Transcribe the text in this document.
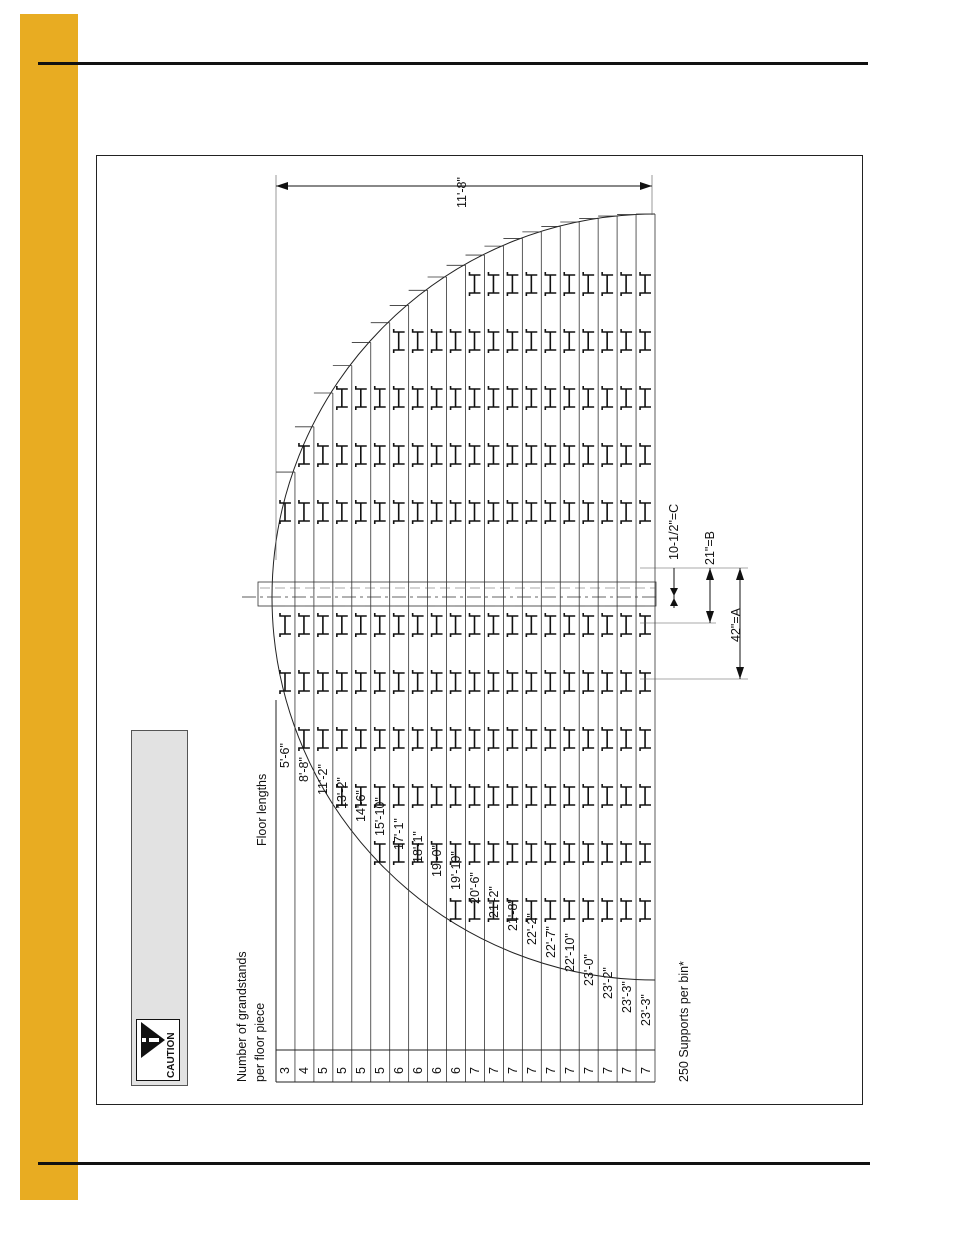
CAUTION	Number of grandstands per floor piece
Floor lengths
250 Supports per bin*
11'-8"
42"=A
21"=B
10-1/2"=C
3
5'-6"
4
8'-8"
5
11'-2"
5
13'-2"
5
14'-6"
5
15'-10"
6
17'-1"
6
18'-1"
6
19'-0"
6
19'-10"
7
20'-6"
7
21'-2"
7
21'-8"
7
22'-2"
7
22'-7"
7
22'-10"
7
23'-0"
7
23'-2"
7
23'-3"
7
23'-3"
